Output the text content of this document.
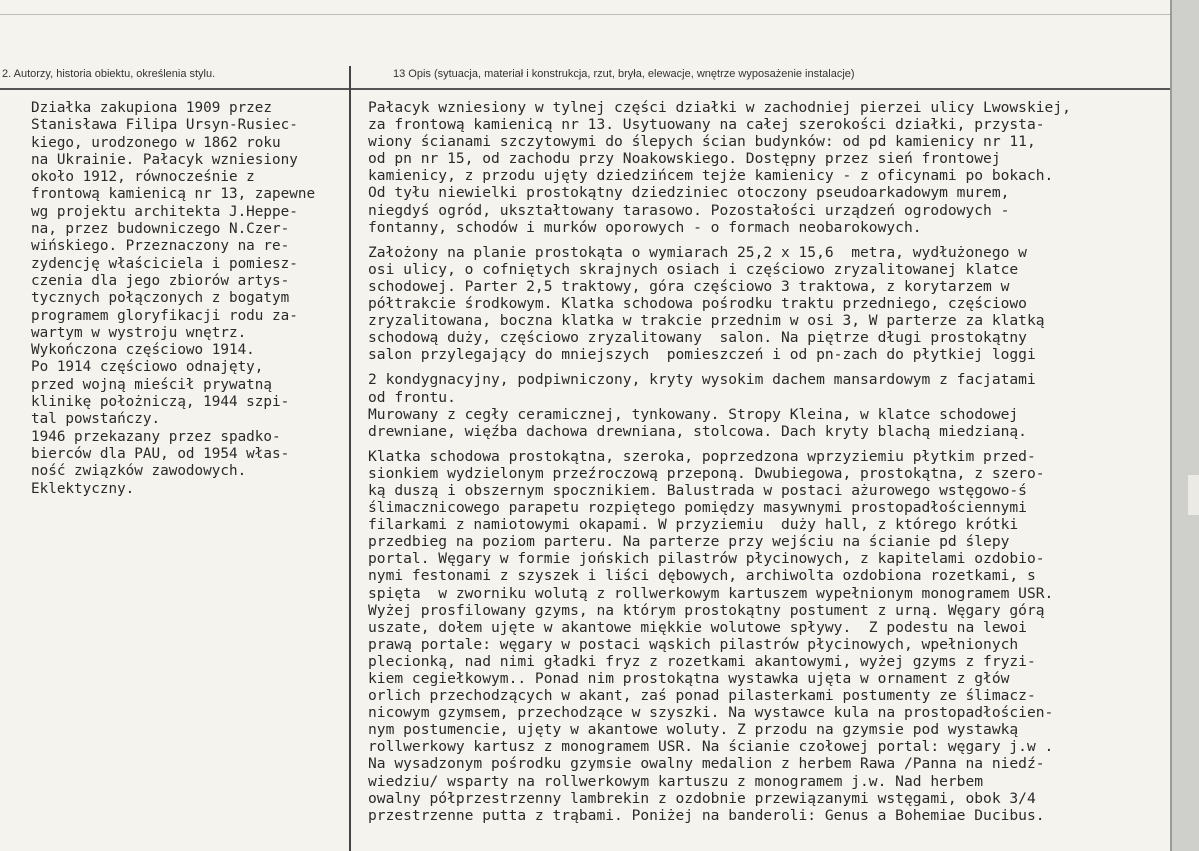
2. Autorzy, historia obiektu, określenia stylu.	13 Opis (sytuacja, materiał i konstrukcja, rzut, bryła, elewacje, wnętrze wyposażenie instalacje)
Działka zakupiona 1909 przez
Stanisława Filipa Ursyn-Rusiec-
kiego, urodzonego w 1862 roku
na Ukrainie. Pałacyk wzniesiony
około 1912, równocześnie z
frontową kamienicą nr 13, zapewne
wg projektu architekta J.Heppe-
na, przez budowniczego N.Czer-
wińskiego. Przeznaczony na re-
zydencję właściciela i pomiesz-
czenia dla jego zbiorów artys-
tycznych połączonych z bogatym
programem gloryfikacji rodu za-
wartym w wystroju wnętrz.
Wykończona częściowo 1914.
Po 1914 częściowo odnajęty,
przed wojną mieścił prywatną
klinikę położniczą, 1944 szpi-
tal powstańczy.
1946 przekazany przez spadko-
bierców dla PAU, od 1954 włas-
ność związków zawodowych.
Eklektyczny.
Pałacyk wzniesiony w tylnej części działki w zachodniej pierzei ulicy Lwowskiej,
za frontową kamienicą nr 13. Usytuowany na całej szerokości działki, przysta-
wiony ścianami szczytowymi do ślepych ścian budynków: od pd kamienicy nr 11,
od pn nr 15, od zachodu przy Noakowskiego. Dostępny przez sień frontowej
kamienicy, z przodu ujęty dziedzińcem tejże kamienicy - z oficynami po bokach.
Od tyłu niewielki prostokątny dziedziniec otoczony pseudoarkadowym murem,
niegdyś ogród, ukształtowany tarasowo. Pozostałości urządzeń ogrodowych -
fontanny, schodów i murków oporowych - o formach neobarokowych.
Założony na planie prostokąta o wymiarach 25,2 x 15,6  metra, wydłużonego w
osi ulicy, o cofniętych skrajnych osiach i częściowo zryzalitowanej klatce
schodowej. Parter 2,5 traktowy, góra częściowo 3 traktowa, z korytarzem w
półtrakcie środkowym. Klatka schodowa pośrodku traktu przedniego, częściowo
zryzalitowana, boczna klatka w trakcie przednim w osi 3, W parterze za klatką
schodową duży, częściowo zryzalitowany  salon. Na piętrze długi prostokątny
salon przylegający do mniejszych  pomieszczeń i od pn-zach do płytkiej loggi
2 kondygnacyjny, podpiwniczony, kryty wysokim dachem mansardowym z facjatami
od frontu.
Murowany z cegły ceramicznej, tynkowany. Stropy Kleina, w klatce schodowej
drewniane, więźba dachowa drewniana, stolcowa. Dach kryty blachą miedzianą.
Klatka schodowa prostokątna, szeroka, poprzedzona wprzyziemiu płytkim przed-
sionkiem wydzielonym przeźroczową przeponą. Dwubiegowa, prostokątna, z szero-
ką duszą i obszernym spocznikiem. Balustrada w postaci ażurowego wstęgowo-ś
ślimacznicowego parapetu rozpiętego pomiędzy masywnymi prostopadłościennymi
filarkami z namiotowymi okapami. W przyziemiu  duży hall, z którego krótki
przedbieg na poziom parteru. Na parterze przy wejściu na ścianie pd ślepy
portal. Węgary w formie jońskich pilastrów płycinowych, z kapitelami ozdobio-
nymi festonami z szyszek i liści dębowych, archiwolta ozdobiona rozetkami, s
spięta  w zworniku wolutą z rollwerkowym kartuszem wypełnionym monogramem USR.
Wyżej prosfilowany gzyms, na którym prostokątny postument z urną. Węgary górą
uszate, dołem ujęte w akantowe miękkie wolutowe spływy.  Z podestu na lewoi
prawą portale: węgary w postaci wąskich pilastrów płycinowych, wpełnionych
plecionką, nad nimi gładki fryz z rozetkami akantowymi, wyżej gzyms z fryzi-
kiem cegiełkowym.. Ponad nim prostokątna wystawka ujęta w ornament z głów
orlich przechodzących w akant, zaś ponad pilasterkami postumenty ze ślimacz-
nicowym gzymsem, przechodzące w szyszki. Na wystawce kula na prostopadłościen-
nym postumencie, ujęty w akantowe woluty. Z przodu na gzymsie pod wystawką
rollwerkowy kartusz z monogramem USR. Na ścianie czołowej portal: węgary j.w .
Na wysadzonym pośrodku gzymsie owalny medalion z herbem Rawa /Panna na niedź-
wiedziu/ wsparty na rollwerkowym kartuszu z monogramem j.w. Nad herbem
owalny półprzestrzenny lambrekin z ozdobnie przewiązanymi wstęgami, obok 3/4
przestrzenne putta z trąbami. Poniżej na banderoli: Genus a Bohemiae Ducibus.
